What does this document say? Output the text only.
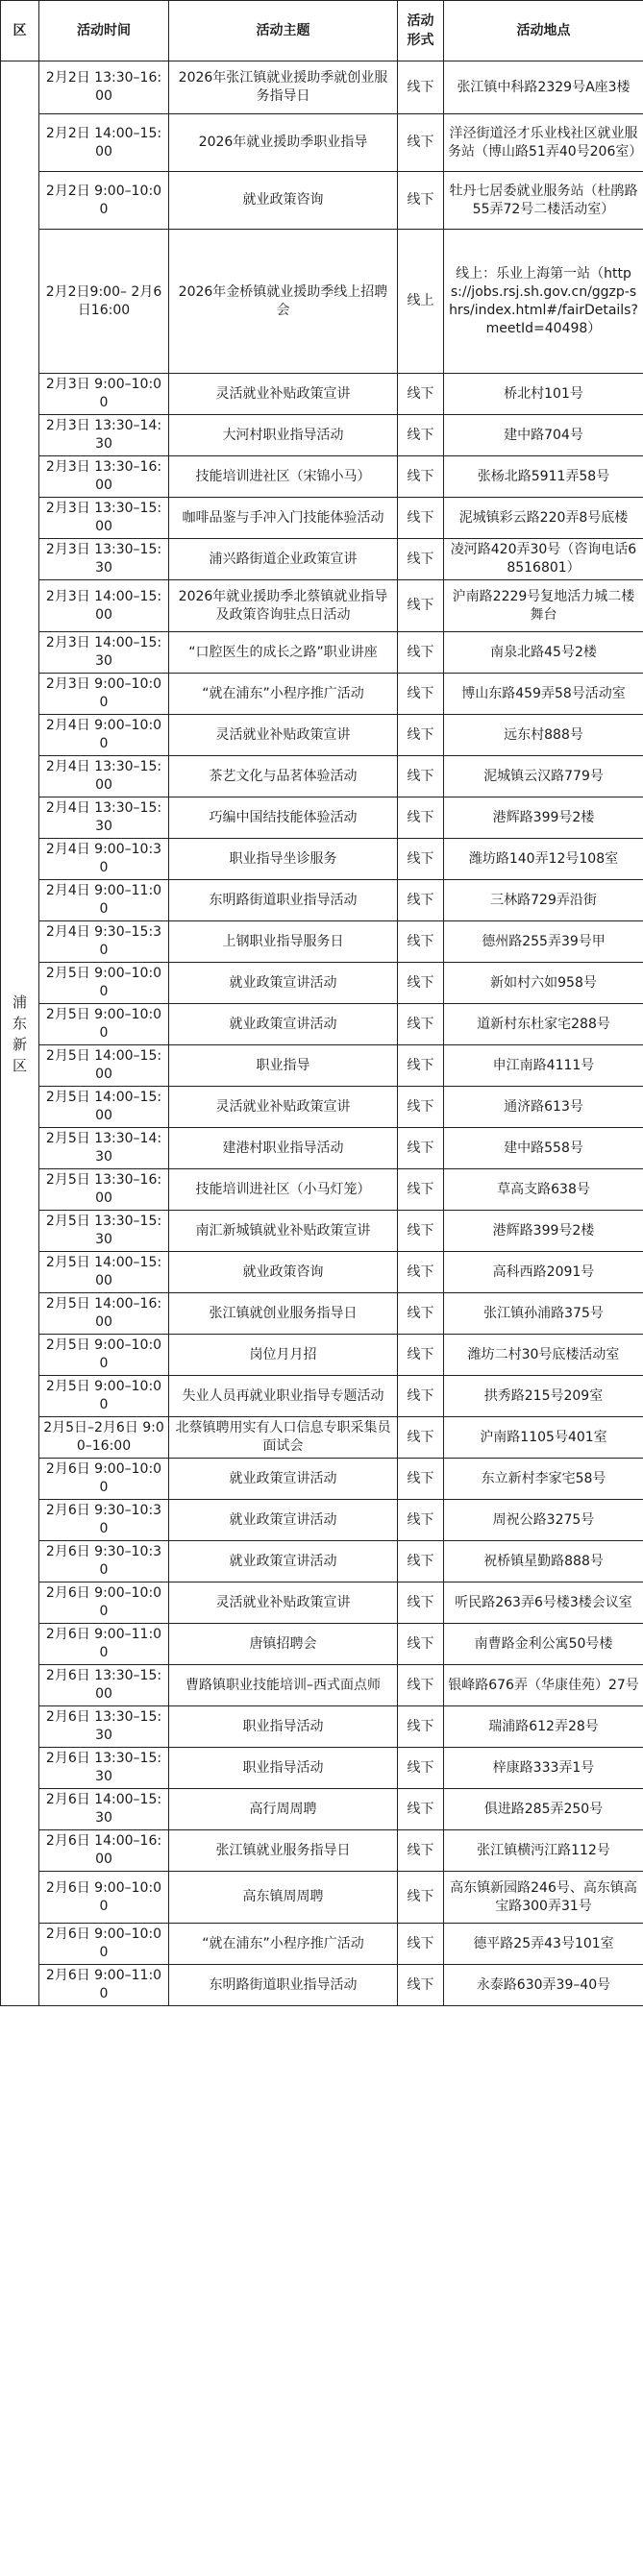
区	活动时间	活动主题	活动形式	活动地点
浦东新区	2月2日 13:30–16:00	2026年张江镇就业援助季就创业服务指导日	线下	张江镇中科路2329号A座3楼
	2月2日 14:00–15:00	2026年就业援助季职业指导	线下	洋泾街道泾才乐业栈社区就业服务站（博山路51弄40号206室）
	2月2日 9:00–10:00	就业政策咨询	线下	牡丹七居委就业服务站（杜鹃路55弄72号二楼活动室）
	2月2日9:00– 2月6日16:00	2026年金桥镇就业援助季线上招聘会	线上	线上：乐业上海第一站（https://jobs.rsj.sh.gov.cn/ggzp-shrs/index.html#/fairDetails?meetId=40498）
	2月3日 9:00–10:00	灵活就业补贴政策宣讲	线下	桥北村101号
	2月3日 13:30–14:30	大河村职业指导活动	线下	建中路704号
	2月3日 13:30–16:00	技能培训进社区（宋锦小马）	线下	张杨北路5911弄58号
	2月3日 13:30–15:00	咖啡品鉴与手冲入门技能体验活动	线下	泥城镇彩云路220弄8号底楼
	2月3日 13:30–15:30	浦兴路街道企业政策宣讲	线下	凌河路420弄30号（咨询电话68516801）
	2月3日 14:00–15:00	2026年就业援助季北蔡镇就业指导及政策咨询驻点日活动	线下	沪南路2229号复地活力城二楼舞台
	2月3日 14:00–15:30	“口腔医生的成长之路”职业讲座	线下	南泉北路45号2楼
	2月3日 9:00–10:00	“就在浦东”小程序推广活动	线下	博山东路459弄58号活动室
	2月4日 9:00–10:00	灵活就业补贴政策宣讲	线下	远东村888号
	2月4日 13:30–15:00	茶艺文化与品茗体验活动	线下	泥城镇云汉路779号
	2月4日 13:30–15:30	巧编中国结技能体验活动	线下	港辉路399号2楼
	2月4日 9:00–10:30	职业指导坐诊服务	线下	潍坊路140弄12号108室
	2月4日 9:00–11:00	东明路街道职业指导活动	线下	三林路729弄沿街
	2月4日 9:30–15:30	上钢职业指导服务日	线下	德州路255弄39号甲
	2月5日 9:00–10:00	就业政策宣讲活动	线下	新如村六如958号
	2月5日 9:00–10:00	就业政策宣讲活动	线下	道新村东杜家宅288号
	2月5日 14:00–15:00	职业指导	线下	申江南路4111号
	2月5日 14:00–15:00	灵活就业补贴政策宣讲	线下	通济路613号
	2月5日 13:30–14:30	建港村职业指导活动	线下	建中路558号
	2月5日 13:30–16:00	技能培训进社区（小马灯笼）	线下	草高支路638号
	2月5日 13:30–15:30	南汇新城镇就业补贴政策宣讲	线下	港辉路399号2楼
	2月5日 14:00–15:00	就业政策咨询	线下	高科西路2091号
	2月5日 14:00–16:00	张江镇就创业服务指导日	线下	张江镇孙浦路375号
	2月5日 9:00–10:00	岗位月月招	线下	潍坊二村30号底楼活动室
	2月5日 9:00–10:00	失业人员再就业职业指导专题活动	线下	拱秀路215号209室
	2月5日–2月6日 9:00–16:00	北蔡镇聘用实有人口信息专职采集员面试会	线下	沪南路1105号401室
	2月6日 9:00–10:00	就业政策宣讲活动	线下	东立新村李家宅58号
	2月6日 9:30–10:30	就业政策宣讲活动	线下	周祝公路3275号
	2月6日 9:30–10:30	就业政策宣讲活动	线下	祝桥镇星勤路888号
	2月6日 9:00–10:00	灵活就业补贴政策宣讲	线下	听民路263弄6号楼3楼会议室
	2月6日 9:00–11:00	唐镇招聘会	线下	南曹路金利公寓50号楼
	2月6日 13:30–15:00	曹路镇职业技能培训–西式面点师	线下	银峰路676弄（华康佳苑）27号
	2月6日 13:30–15:30	职业指导活动	线下	瑞浦路612弄28号
	2月6日 13:30–15:30	职业指导活动	线下	梓康路333弄1号
	2月6日 14:00–15:30	高行周周聘	线下	俱进路285弄250号
	2月6日 14:00–16:00	张江镇就业服务指导日	线下	张江镇横沔江路112号
	2月6日 9:00–10:00	高东镇周周聘	线下	高东镇新园路246号、高东镇高宝路300弄31号
	2月6日 9:00–10:00	“就在浦东”小程序推广活动	线下	德平路25弄43号101室
	2月6日 9:00–11:00	东明路街道职业指导活动	线下	永泰路630弄39–40号
